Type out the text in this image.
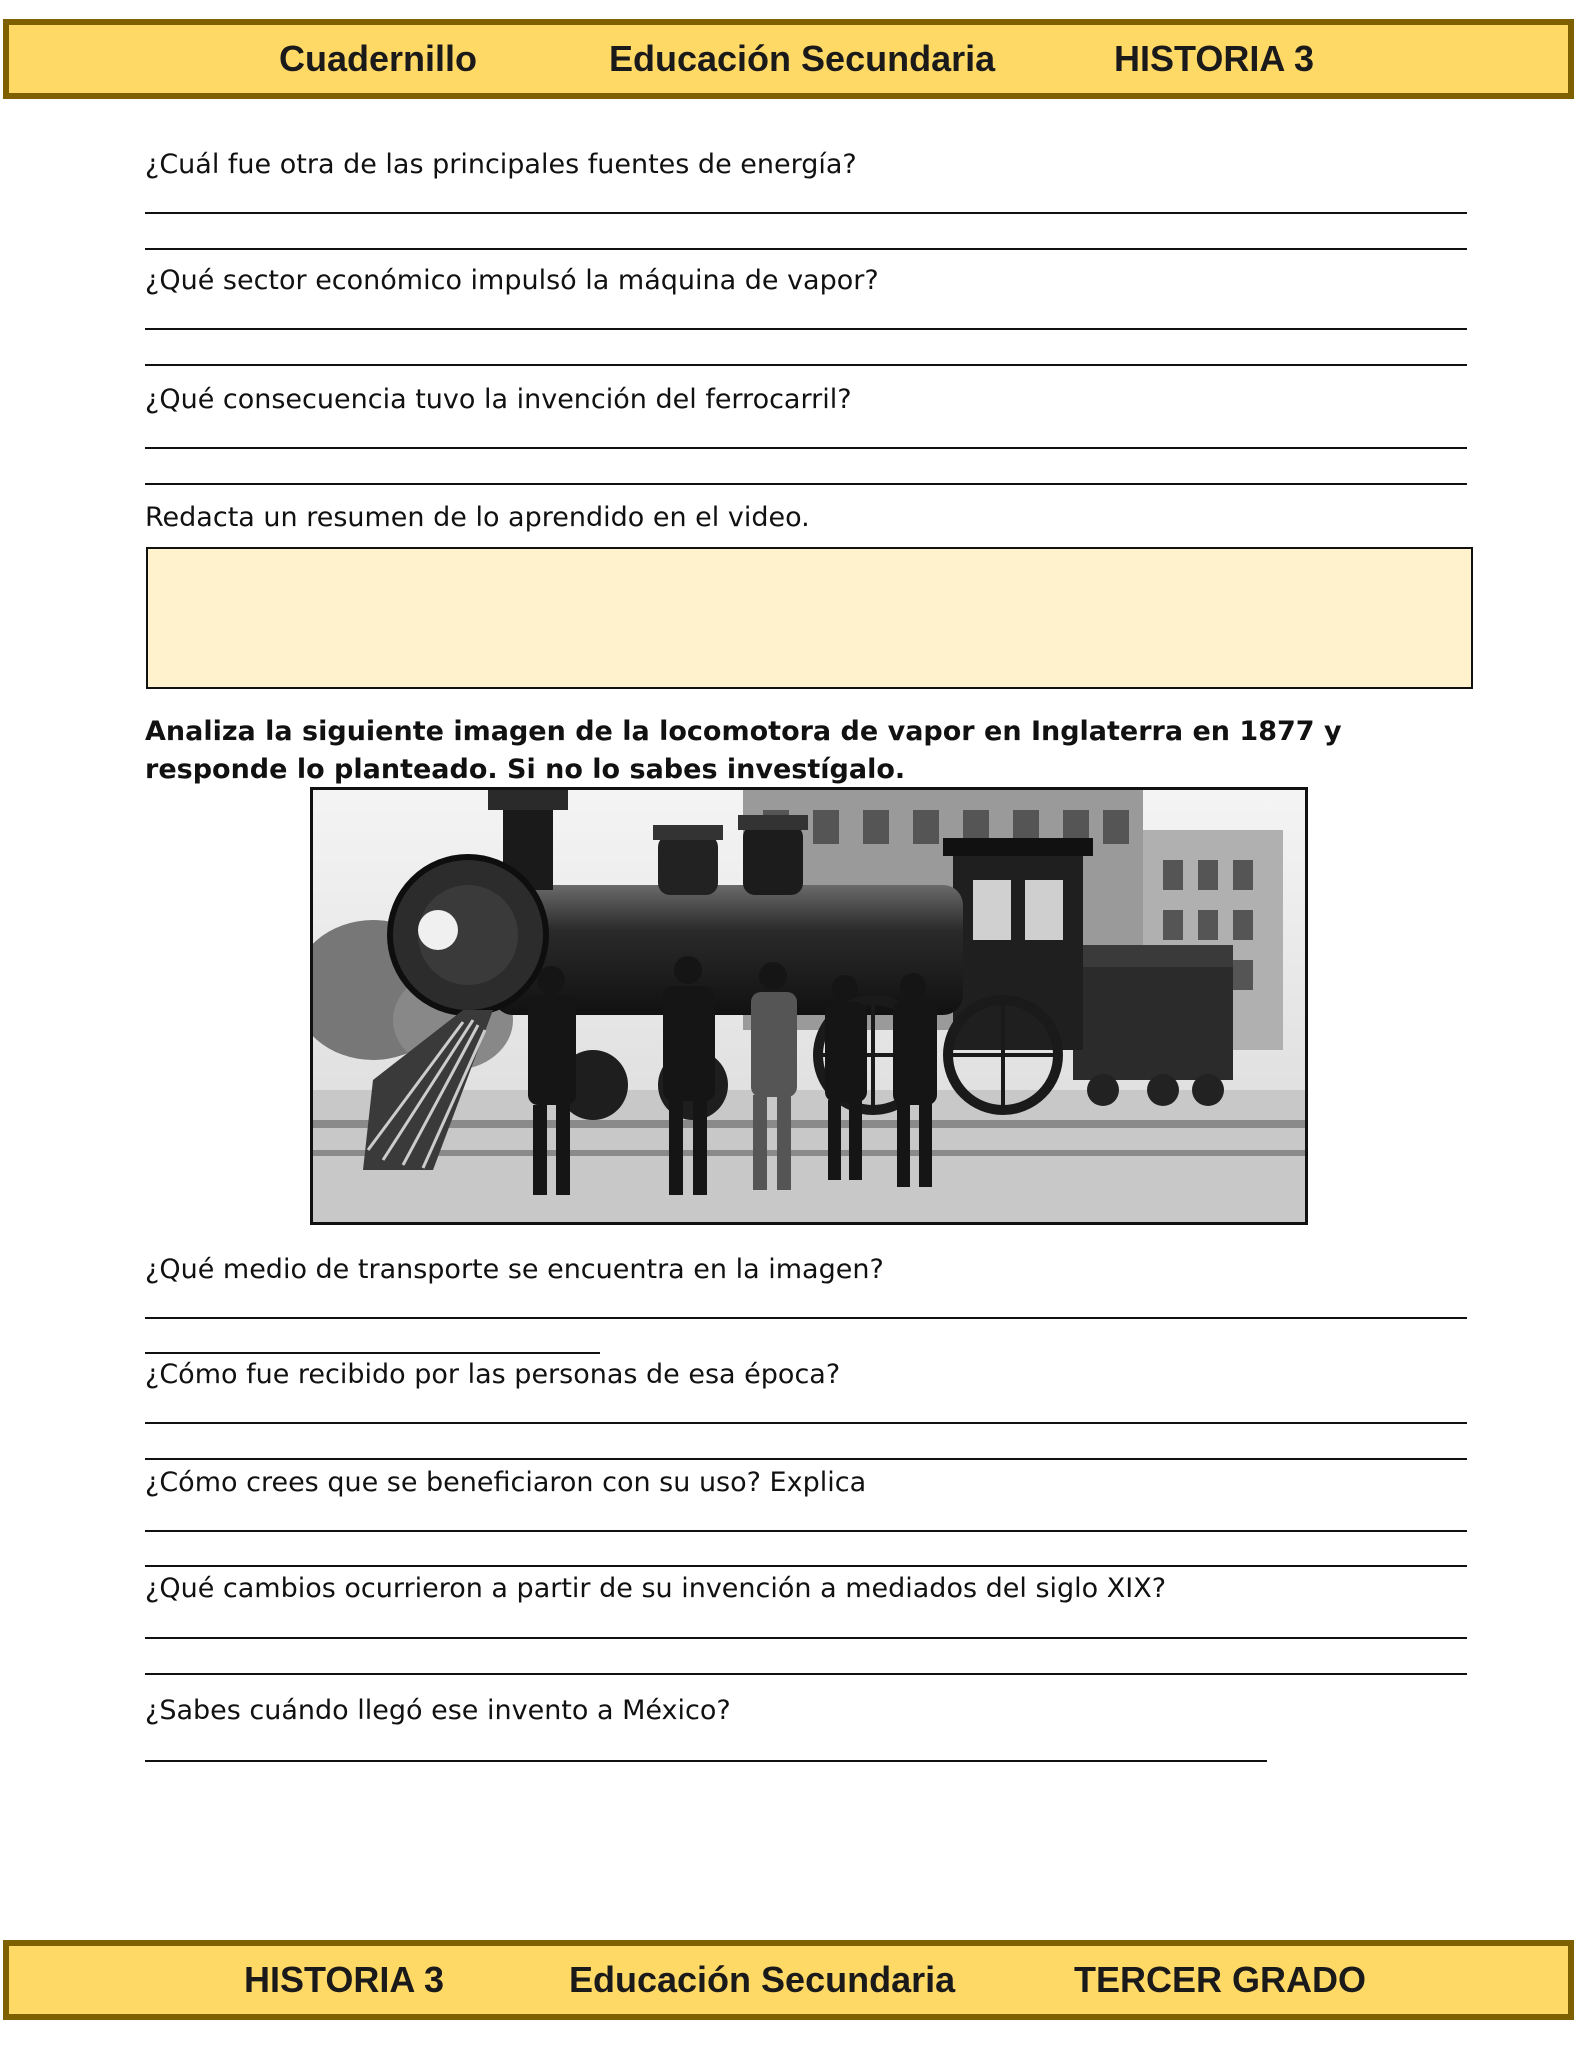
Cuadernillo	Educación Secundaria	HISTORIA 3
¿Cuál fue otra de las principales fuentes de energía?
¿Qué sector económico impulsó la máquina de vapor?
¿Qué consecuencia tuvo la invención del ferrocarril?
Redacta un resumen de lo aprendido en el video.
Analiza la siguiente imagen de la locomotora de vapor en Inglaterra en 1877 y responde lo planteado. Si no lo sabes investígalo.
¿Qué medio de transporte se encuentra en la imagen?
¿Cómo fue recibido por las personas de esa época?
¿Cómo crees que se beneficiaron con su uso? Explica
¿Qué cambios ocurrieron a partir de su invención a mediados del siglo XIX?
¿Sabes cuándo llegó ese invento a México?
HISTORIA 3	Educación Secundaria	TERCER GRADO
